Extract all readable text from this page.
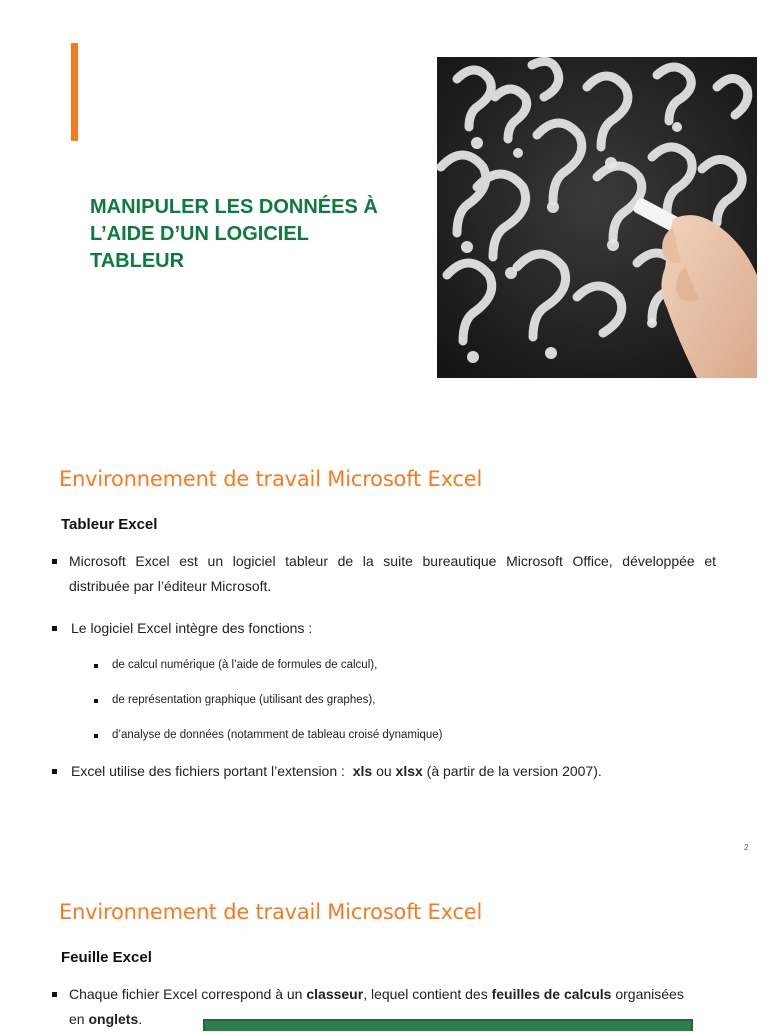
MANIPULER LES DONNÉES À
L’AIDE D’UN LOGICIEL
TABLEUR
Environnement de travail Microsoft Excel
Tableur Excel
Microsoft Excel est un logiciel tableur de la suite bureautique Microsoft Office, développée et
distribuée par l’éditeur Microsoft.
Le logiciel Excel intègre des fonctions :
de calcul numérique (à l’aide de formules de calcul),
de représentation graphique (utilisant des graphes),
d’analyse de données (notamment de tableau croisé dynamique)
Excel utilise des fichiers portant l’extension : xls ou xlsx (à partir de la version 2007).
2
Environnement de travail Microsoft Excel
Feuille Excel
Chaque fichier Excel correspond à un classeur, lequel contient des feuilles de calculs organisées
en onglets.
